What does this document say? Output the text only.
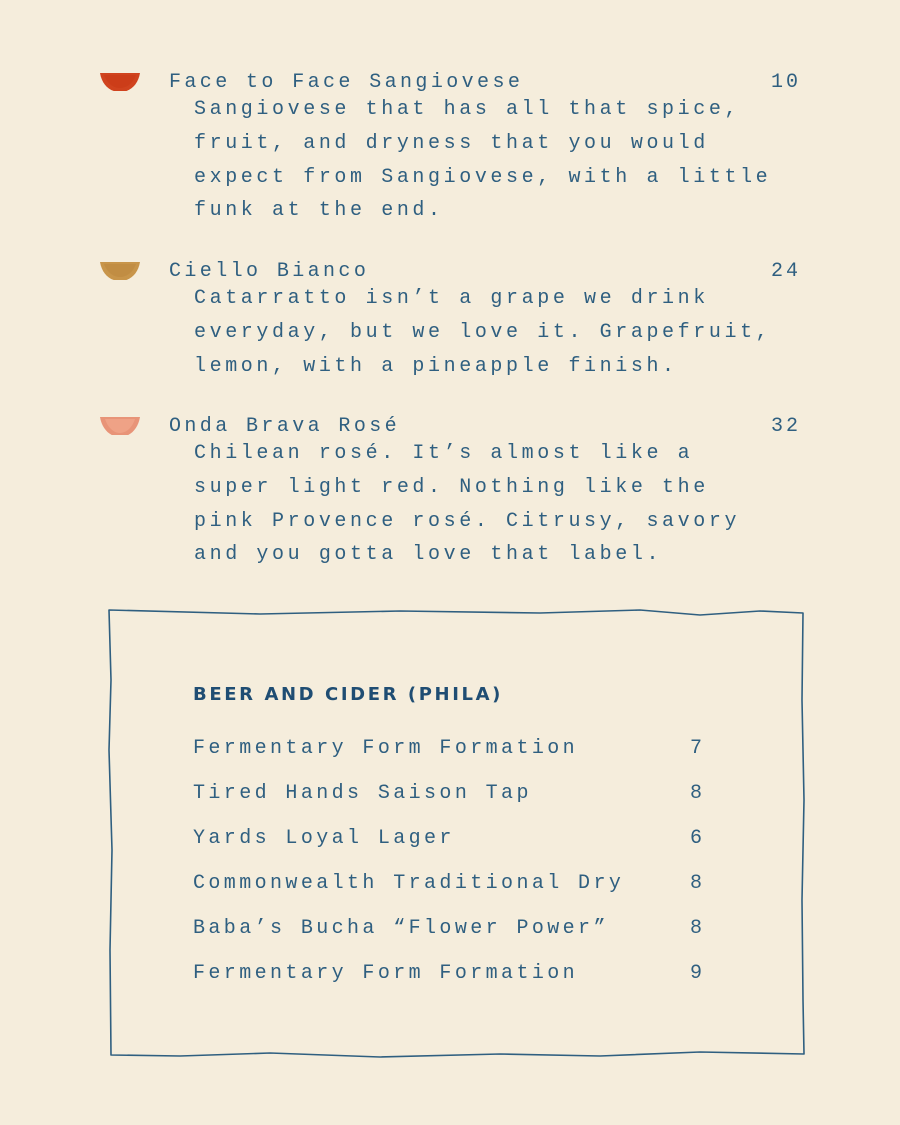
Face to Face Sangiovese	10
Sangiovese that has all that spice,
fruit, and dryness that you would
expect from Sangiovese, with a little
funk at the end.
Ciello Bianco	24
Catarratto isn’t a grape we drink
everyday, but we love it. Grapefruit,
lemon, with a pineapple finish.
Onda Brava Rosé	32
Chilean rosé. It’s almost like a
super light red. Nothing like the
pink Provence rosé. Citrusy, savory
and you gotta love that label.
BEER AND CIDER (PHILA)
Fermentary Form Formation	7
Tired Hands Saison Tap	8
Yards Loyal Lager	6
Commonwealth Traditional Dry	8
Baba’s Bucha “Flower Power”	8
Fermentary Form Formation	9
